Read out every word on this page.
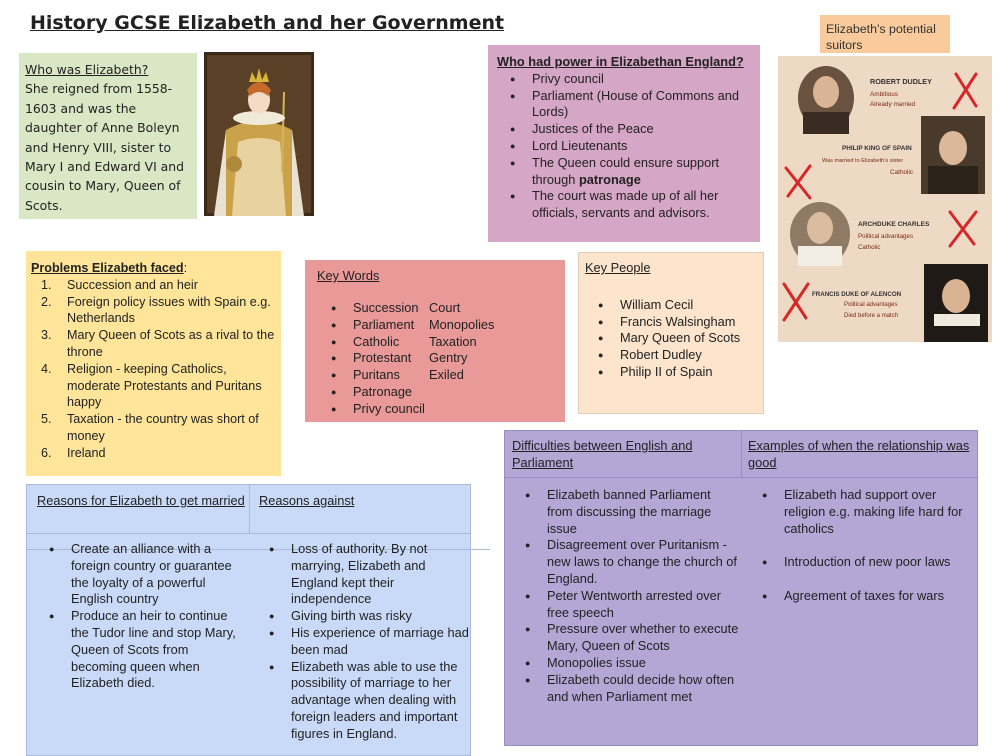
History GCSE Elizabeth and her Government
Who was Elizabeth?
She reigned from 1558-1603 and was the daughter of Anne Boleyn and Henry VIII, sister to Mary I and Edward VI and cousin to Mary, Queen of Scots.
Who had power in Elizabethan England?
● Privy council
● Parliament (House of Commons and Lords)
● Justices of the Peace
● Lord Lieutenants
● The Queen could ensure support through patronage
● The court was made up of all her officials, servants and advisors.
Elizabeth's potential suitors
ROBERT DUDLEY
Ambitious
Already married
PHILIP KING OF SPAIN
Was married to Elizabeth's sister
Catholic
ARCHDUKE CHARLES
Political advantages
Catholic
FRANCIS DUKE OF ALENCON
Political advantages
Died before a match
Problems Elizabeth faced:
1. Succession and an heir
2. Foreign policy issues with Spain e.g. Netherlands
3. Mary Queen of Scots as a rival to the throne
4. Religion - keeping Catholics, moderate Protestants and Puritans happy
5. Taxation - the country was short of money
6. Ireland
Key Words
● Succession
● Parliament
● Catholic
● Protestant
● Puritans
● Patronage
● Privy council
Court
Monopolies
Taxation
Gentry
Exiled
Key People
● William Cecil
● Francis Walsingham
● Mary Queen of Scots
● Robert Dudley
● Philip II of Spain
Reasons for Elizabeth to get married	Reasons against
● Create an alliance with a foreign country or guarantee the loyalty of a powerful English country
● Produce an heir to continue the Tudor line and stop Mary, Queen of Scots from becoming queen when Elizabeth died.
● Loss of authority. By not marrying, Elizabeth and England kept their independence
● Giving birth was risky
● His experience of marriage had been mad
● Elizabeth was able to use the possibility of marriage to her advantage when dealing with foreign leaders and important figures in England.
Difficulties between English and Parliament
Examples of when the relationship was good
● Elizabeth banned Parliament from discussing the marriage issue
● Disagreement over Puritanism - new laws to change the church of England.
● Peter Wentworth arrested over free speech
● Pressure over whether to execute Mary, Queen of Scots
● Monopolies issue
● Elizabeth could decide how often and when Parliament met
● Elizabeth had support over religion e.g. making life hard for catholics
● Introduction of new poor laws
● Agreement of taxes for wars
